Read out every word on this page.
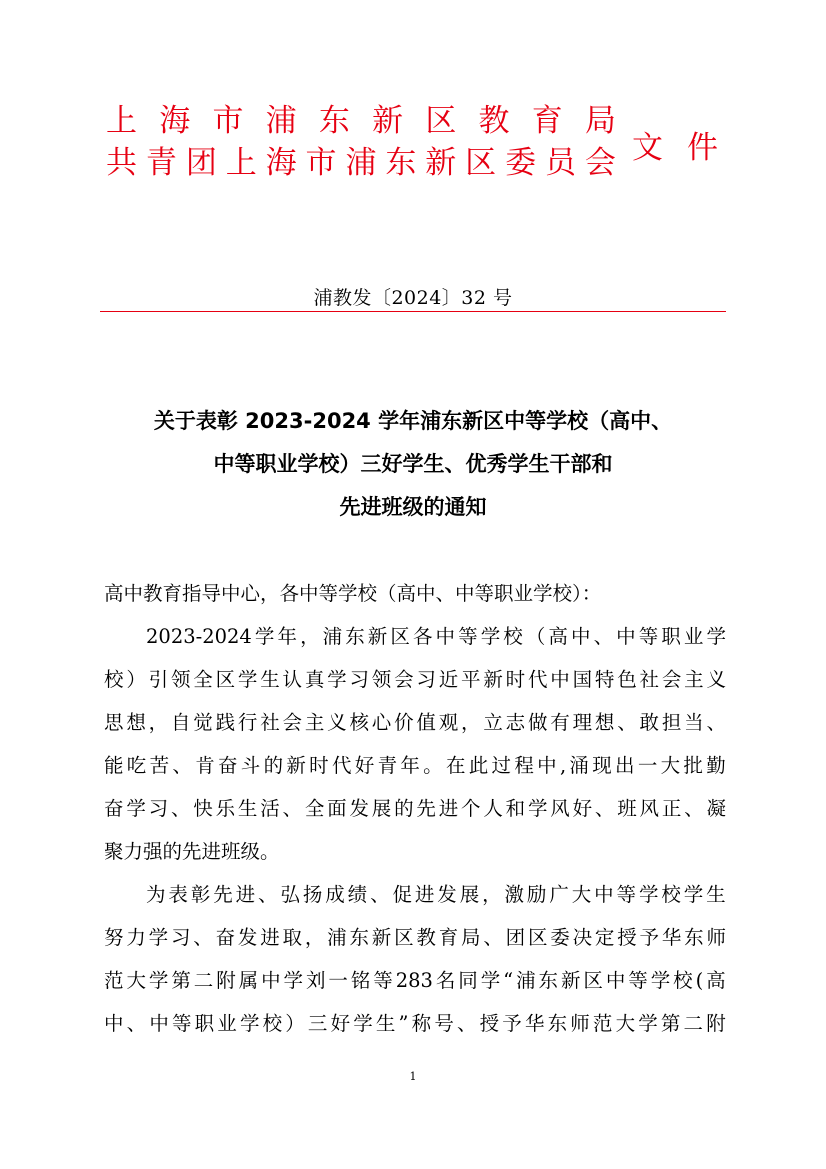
上 海 市 浦 东 新 区 教 育 局
共 青 团 上 海 市 浦 东 新 区 委 员 会 文件
浦教发〔2024〕32 号
关于表彰 2023-2024 学年浦东新区中等学校（高中、
中等职业学校）三好学生、优秀学生干部和
先进班级的通知
高中教育指导中心，各中等学校（高中、中等职业学校）：
2023-2024 学 年 ， 浦 东 新 区 各 中 等 学 校 （ 高 中 、 中 等 职 业 学
校 ） 引 领 全 区 学 生 认 真 学 习 领 会 习 近 平 新 时 代 中 国 特 色 社 会 主 义
思 想 ， 自 觉 践 行 社 会 主 义 核 心 价 值 观 ， 立 志 做 有 理 想 、 敢 担 当 、
能 吃 苦 、 肯 奋 斗 的 新 时 代 好 青 年 。 在 此 过 程 中 , 涌 现 出 一 大 批 勤
奋 学 习 、 快 乐 生 活 、 全 面 发 展 的 先 进 个 人 和 学 风 好 、 班 风 正 、 凝
聚力强的先进班级。
为 表 彰 先 进 、 弘 扬 成 绩 、 促 进 发 展 ， 激 励 广 大 中 等 学 校 学 生
努 力 学 习 、 奋 发 进 取 ， 浦 东 新 区 教 育 局 、 团 区 委 决 定 授 予 华 东 师
范 大 学 第 二 附 属 中 学 刘 一 铭 等 283 名 同 学 “ 浦 东 新 区 中 等 学 校 ( 高
中 、 中 等 职 业 学 校 ） 三 好 学 生 ” 称 号 、 授 予 华 东 师 范 大 学 第 二 附
1
